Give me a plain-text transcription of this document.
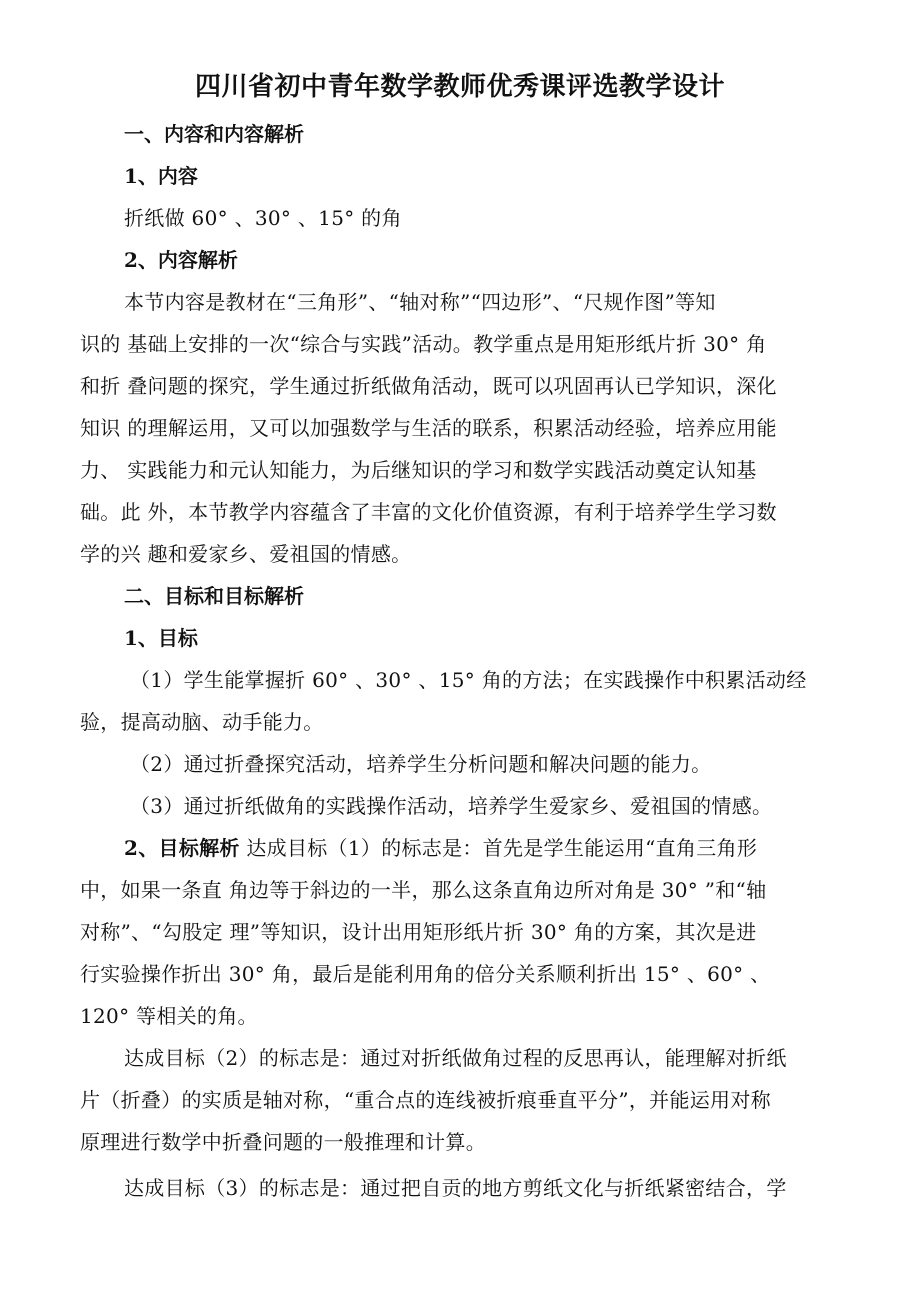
四川省初中青年数学教师优秀课评选教学设计
一、内容和内容解析
1、内容
折纸做 60° 、30° 、15° 的角
2、内容解析
本节内容是教材在“三角形”、“轴对称”“四边形”、“尺规作图”等知
识的 基础上安排的一次“综合与实践”活动。教学重点是用矩形纸片折 30° 角
和折 叠问题的探究，学生通过折纸做角活动，既可以巩固再认已学知识，深化
知识 的理解运用，又可以加强数学与生活的联系，积累活动经验，培养应用能
力、 实践能力和元认知能力，为后继知识的学习和数学实践活动奠定认知基
础。此 外，本节教学内容蕴含了丰富的文化价值资源，有利于培养学生学习数
学的兴 趣和爱家乡、爱祖国的情感。
二、目标和目标解析
1、目标
（1）学生能掌握折 60° 、30° 、15° 角的方法；在实践操作中积累活动经
验，提高动脑、动手能力。
（2）通过折叠探究活动，培养学生分析问题和解决问题的能力。
（3）通过折纸做角的实践操作活动，培养学生爱家乡、爱祖国的情感。
2、目标解析 达成目标（1）的标志是：首先是学生能运用“直角三角形
中，如果一条直 角边等于斜边的一半，那么这条直角边所对角是 30° ”和“轴
对称”、“勾股定 理”等知识，设计出用矩形纸片折 30° 角的方案，其次是进
行实验操作折出 30° 角，最后是能利用角的倍分关系顺利折出 15° 、60° 、
120° 等相关的角。
达成目标（2）的标志是：通过对折纸做角过程的反思再认，能理解对折纸
片（折叠）的实质是轴对称，“重合点的连线被折痕垂直平分”，并能运用对称
原理进行数学中折叠问题的一般推理和计算。
达成目标（3）的标志是：通过把自贡的地方剪纸文化与折纸紧密结合，学
